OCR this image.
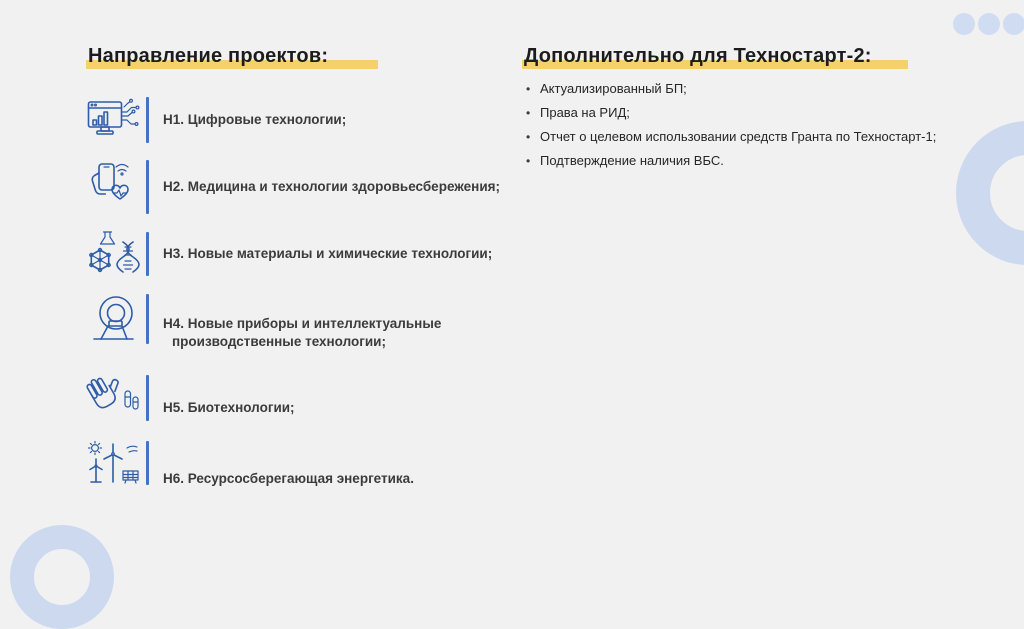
Направление проектов:
Н1. Цифровые технологии;
Н2. Медицина и технологии здоровьесбережения;
Н3. Новые материалы и химические технологии;
Н4. Новые приборы и интеллектуальные
производственные технологии;
Н5. Биотехнологии;
Н6. Ресурсосберегающая энергетика.
Дополнительно для Техностарт-2:
• Актуализированный БП;
• Права на РИД;
• Отчет о целевом использовании средств Гранта по Техностарт-1;
• Подтверждение наличия ВБС.
